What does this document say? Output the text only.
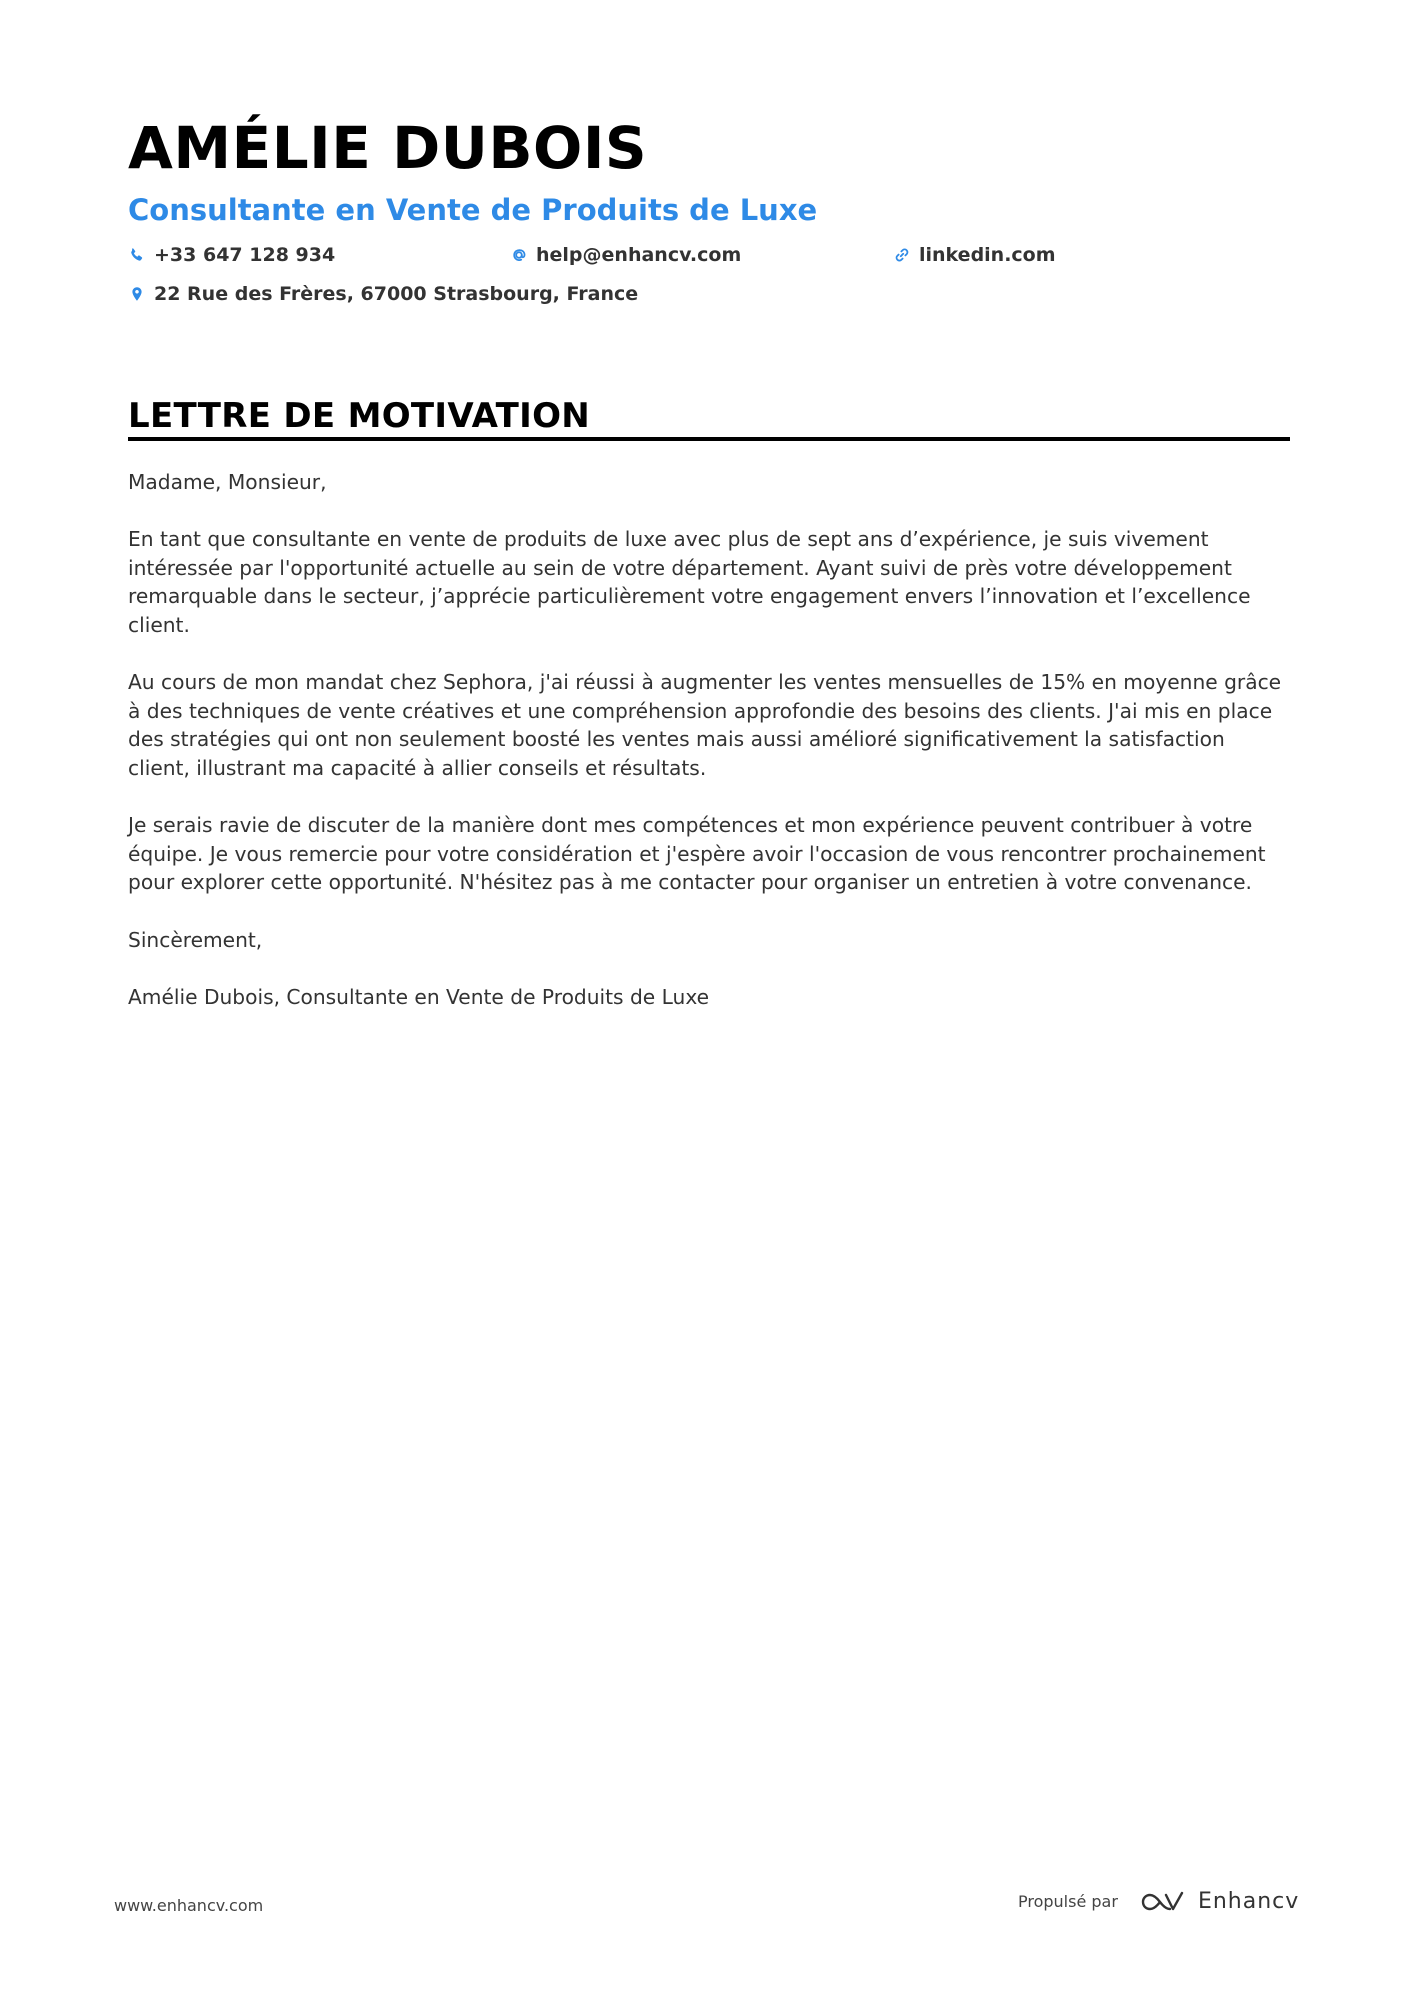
AMÉLIE DUBOIS
Consultante en Vente de Produits de Luxe
+33 647 128 934	help@enhancv.com	linkedin.com
22 Rue des Frères, 67000 Strasbourg, France
LETTRE DE MOTIVATION

Madame, Monsieur,

En tant que consultante en vente de produits de luxe avec plus de sept ans d’expérience, je suis vivement intéressée par l'opportunité actuelle au sein de votre département. Ayant suivi de près votre développement remarquable dans le secteur, j’apprécie particulièrement votre engagement envers l’innovation et l’excellence client.

Au cours de mon mandat chez Sephora, j'ai réussi à augmenter les ventes mensuelles de 15% en moyenne grâce à des techniques de vente créatives et une compréhension approfondie des besoins des clients. J'ai mis en place des stratégies qui ont non seulement boosté les ventes mais aussi amélioré significativement la satisfaction client, illustrant ma capacité à allier conseils et résultats.

Je serais ravie de discuter de la manière dont mes compétences et mon expérience peuvent contribuer à votre équipe. Je vous remercie pour votre considération et j'espère avoir l'occasion de vous rencontrer prochainement pour explorer cette opportunité. N'hésitez pas à me contacter pour organiser un entretien à votre convenance.

Sincèrement,

Amélie Dubois, Consultante en Vente de Produits de Luxe

www.enhancv.com	Propulsé par	Enhancv
